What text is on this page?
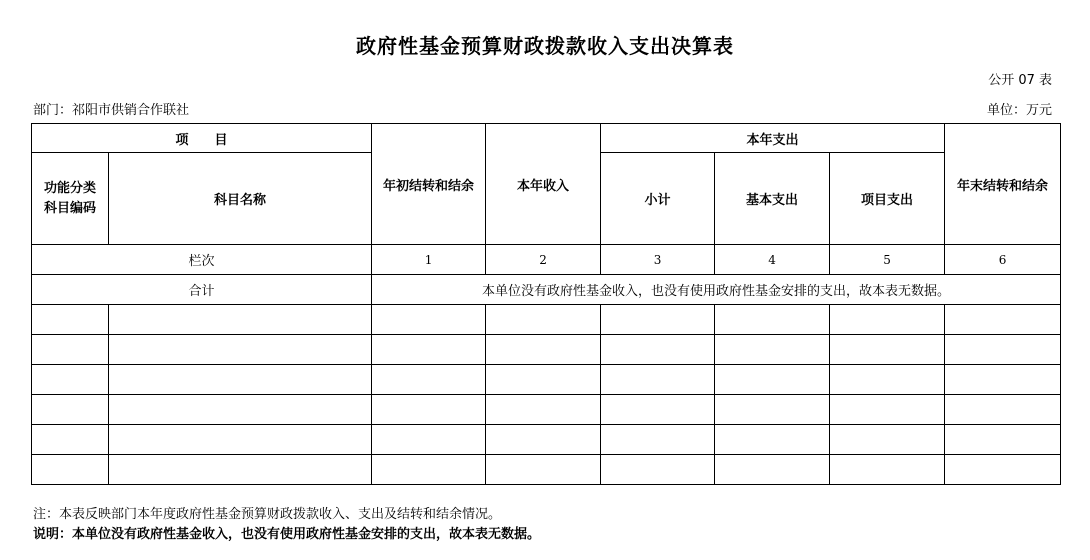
政府性基金预算财政拨款收入支出决算表
公开 07 表
部门：祁阳市供销合作联社	单位：万元
项　　目		年初结转和结余	本年收入	本年支出			年末结转和结余
功能分类科目编码	科目名称			小计	基本支出	项目支出	
栏次		1	2	3	4	5	6
合计		本单位没有政府性基金收入，也没有使用政府性基金安排的支出，故本表无数据。					

注：本表反映部门本年度政府性基金预算财政拨款收入、支出及结转和结余情况。
说明：本单位没有政府性基金收入，也没有使用政府性基金安排的支出，故本表无数据。
